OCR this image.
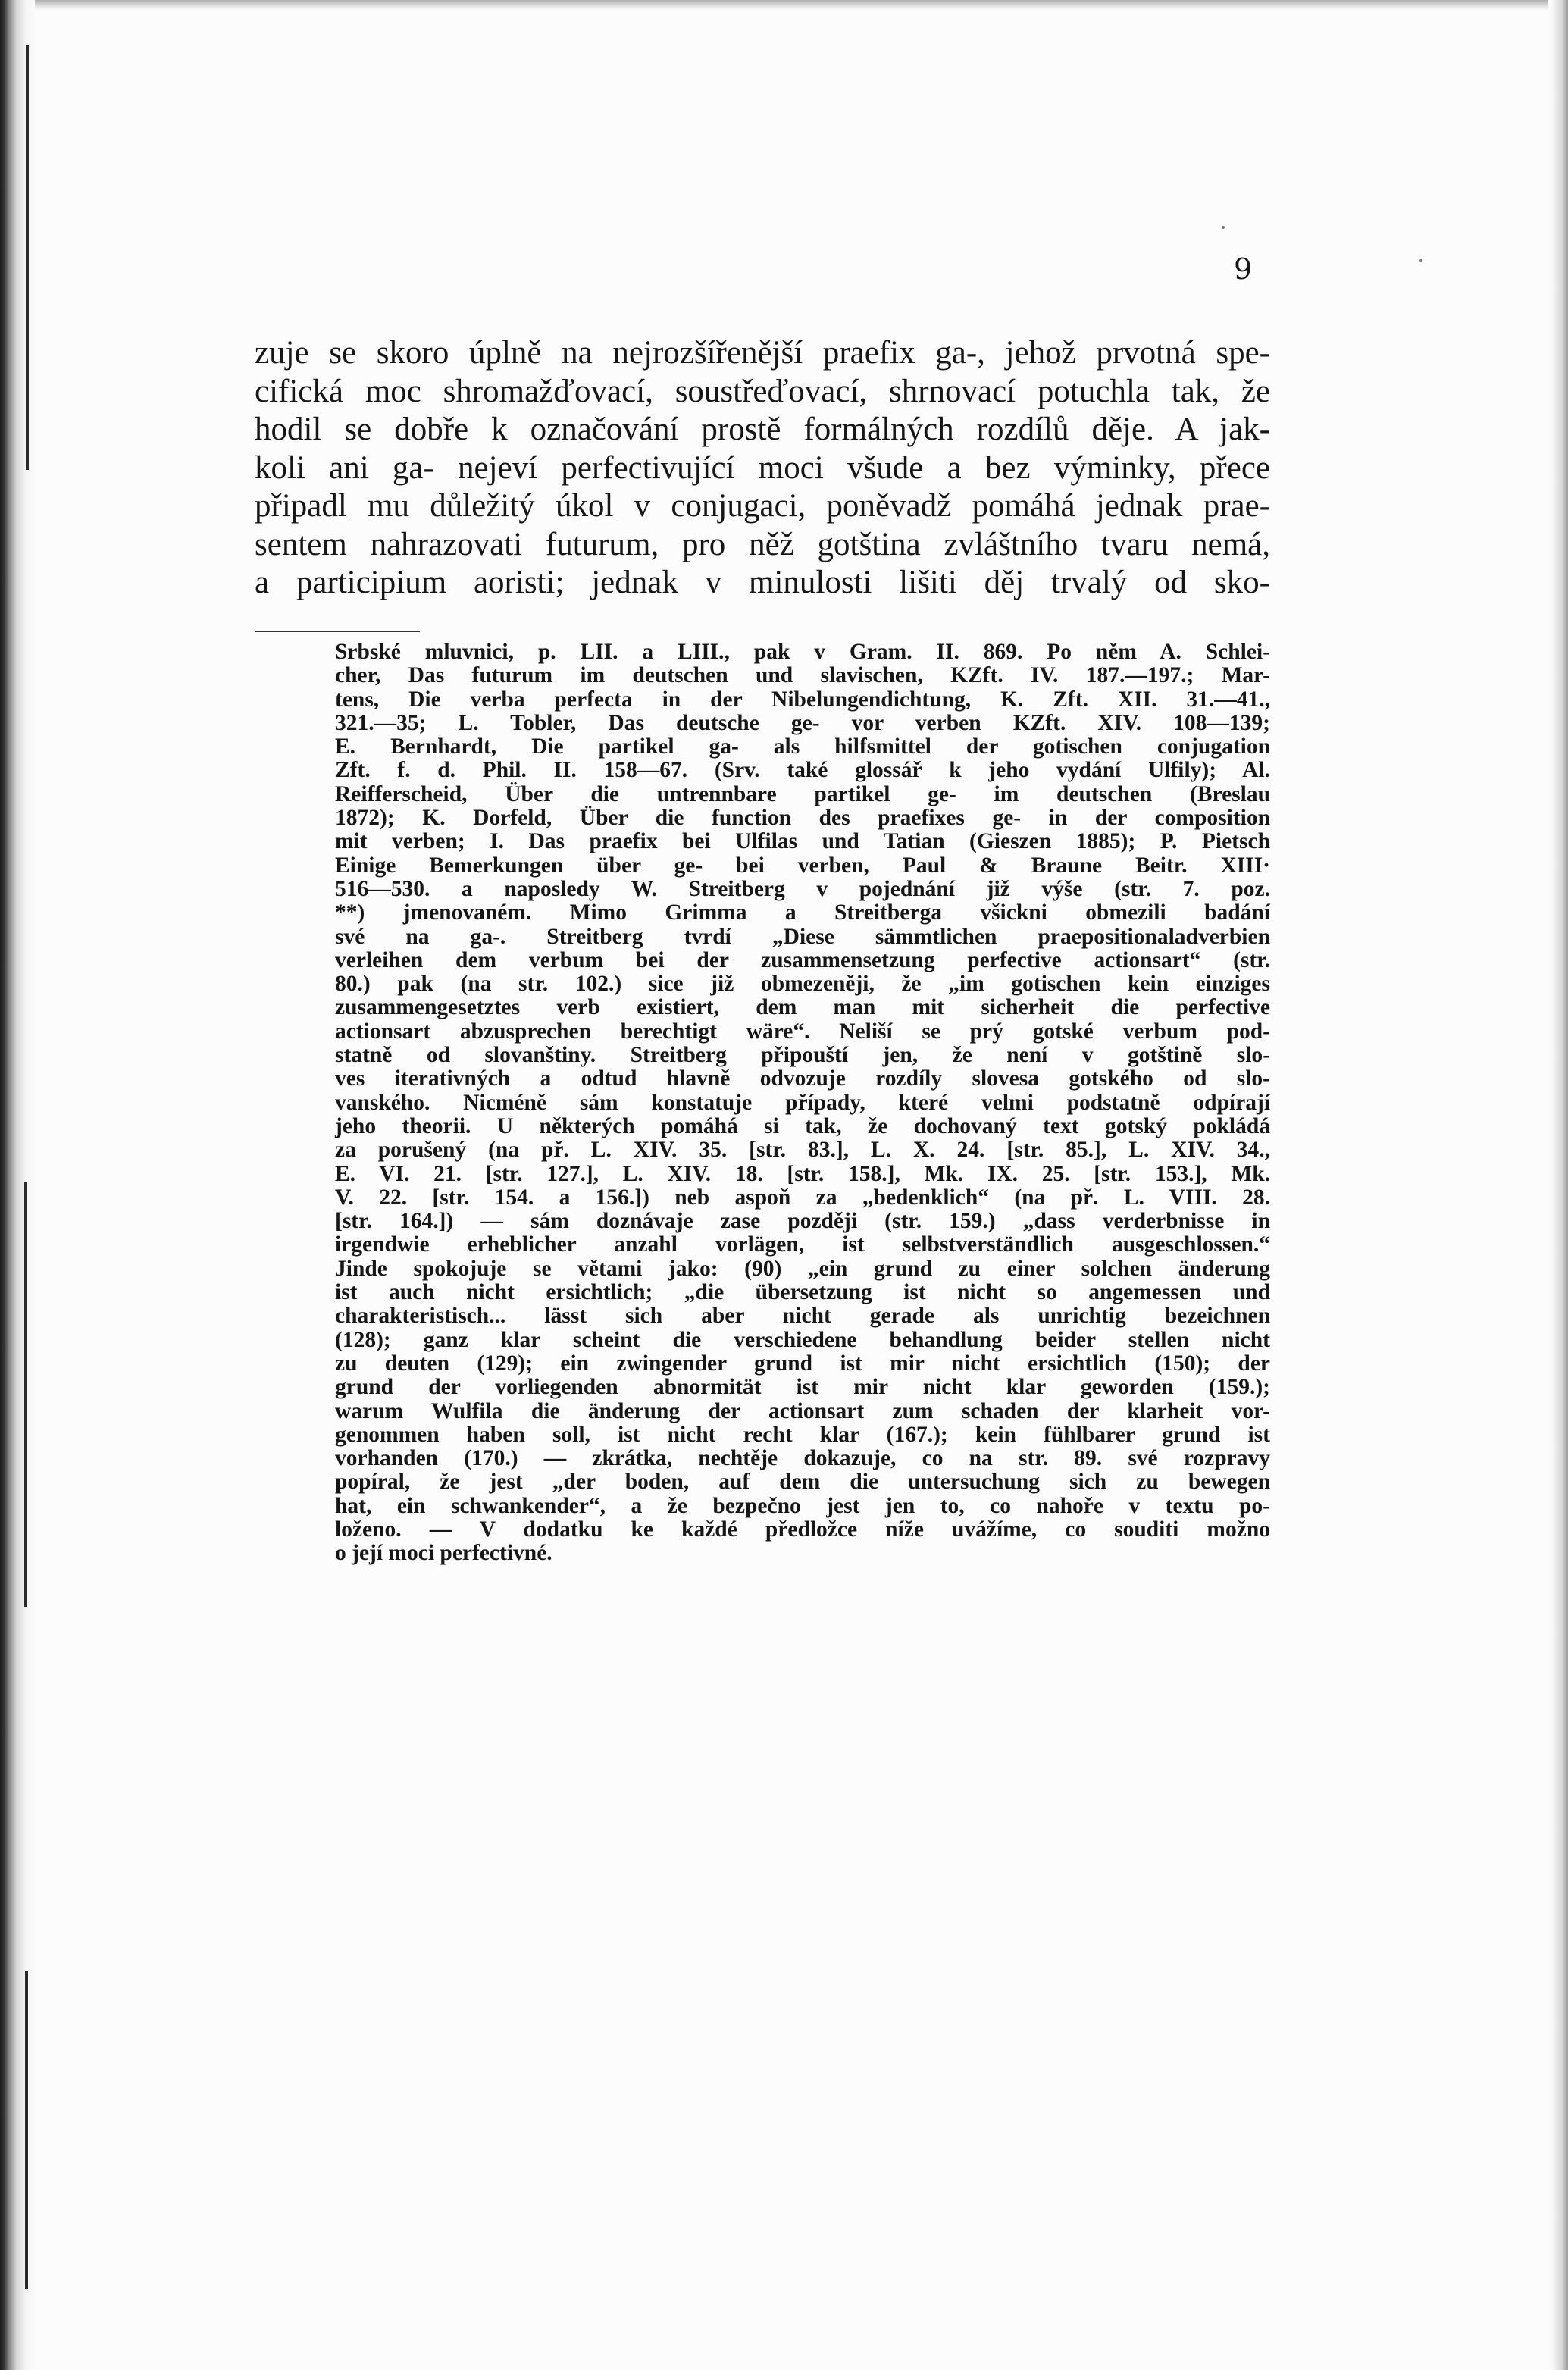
9
zuje se skoro úplně na nejrozšířenější praefix ga-, jehož prvotná spe-
cifická moc shromažďovací, soustřeďovací, shrnovací potuchla tak, že
hodil se dobře k označování prostě formálných rozdílů děje. A jak-
koli ani ga- nejeví perfectivující moci všude a bez výminky, přece
připadl mu důležitý úkol v conjugaci, poněvadž pomáhá jednak prae-
sentem nahrazovati futurum, pro něž gotština zvláštního tvaru nemá,
a participium aoristi; jednak v minulosti lišiti děj trvalý od sko-
Srbské mluvnici, p. LII. a LIII., pak v Gram. II. 869. Po něm A. Schlei-
cher, Das futurum im deutschen und slavischen, KZft. IV. 187.—197.; Mar-
tens, Die verba perfecta in der Nibelungendichtung, K. Zft. XII. 31.—41.,
321.—35; L. Tobler, Das deutsche ge- vor verben KZft. XIV. 108—139;
E. Bernhardt, Die partikel ga- als hilfsmittel der gotischen conjugation
Zft. f. d. Phil. II. 158—67. (Srv. také glossář k jeho vydání Ulfily); Al.
Reifferscheid, Über die untrennbare partikel ge- im deutschen (Breslau
1872); K. Dorfeld, Über die function des praefixes ge- in der composition
mit verben; I. Das praefix bei Ulfilas und Tatian (Gieszen 1885); P. Pietsch
Einige Bemerkungen über ge- bei verben, Paul & Braune Beitr. XIII·
516—530. a naposledy W. Streitberg v pojednání již výše (str. 7. poz.
**) jmenovaném. Mimo Grimma a Streitberga všickni obmezili badání
své na ga-. Streitberg tvrdí „Diese sämmtlichen praepositionaladverbien
verleihen dem verbum bei der zusammensetzung perfective actionsart“ (str.
80.) pak (na str. 102.) sice již obmezeněji, že „im gotischen kein einziges
zusammengesetztes verb existiert, dem man mit sicherheit die perfective
actionsart abzusprechen berechtigt wäre“. Neliší se prý gotské verbum pod-
statně od slovanštiny. Streitberg připouští jen, že není v gotštině slo-
ves iterativných a odtud hlavně odvozuje rozdíly slovesa gotského od slo-
vanského. Nicméně sám konstatuje případy, které velmi podstatně odpírají
jeho theorii. U některých pomáhá si tak, že dochovaný text gotský pokládá
za porušený (na př. L. XIV. 35. [str. 83.], L. X. 24. [str. 85.], L. XIV. 34.,
E. VI. 21. [str. 127.], L. XIV. 18. [str. 158.], Mk. IX. 25. [str. 153.], Mk.
V. 22. [str. 154. a 156.]) neb aspoň za „bedenklich“ (na př. L. VIII. 28.
[str. 164.]) — sám doznávaje zase později (str. 159.) „dass verderbnisse in
irgendwie erheblicher anzahl vorlägen, ist selbstverständlich ausgeschlossen.“
Jinde spokojuje se větami jako: (90) „ein grund zu einer solchen änderung
ist auch nicht ersichtlich; „die übersetzung ist nicht so angemessen und
charakteristisch... lässt sich aber nicht gerade als unrichtig bezeichnen
(128); ganz klar scheint die verschiedene behandlung beider stellen nicht
zu deuten (129); ein zwingender grund ist mir nicht ersichtlich (150); der
grund der vorliegenden abnormität ist mir nicht klar geworden (159.);
warum Wulfila die änderung der actionsart zum schaden der klarheit vor-
genommen haben soll, ist nicht recht klar (167.); kein fühlbarer grund ist
vorhanden (170.) — zkrátka, nechtěje dokazuje, co na str. 89. své rozpravy
popíral, že jest „der boden, auf dem die untersuchung sich zu bewegen
hat, ein schwankender“, a že bezpečno jest jen to, co nahoře v textu po-
loženo. — V dodatku ke každé předložce níže uvážíme, co souditi možno
o její moci perfectivné.
